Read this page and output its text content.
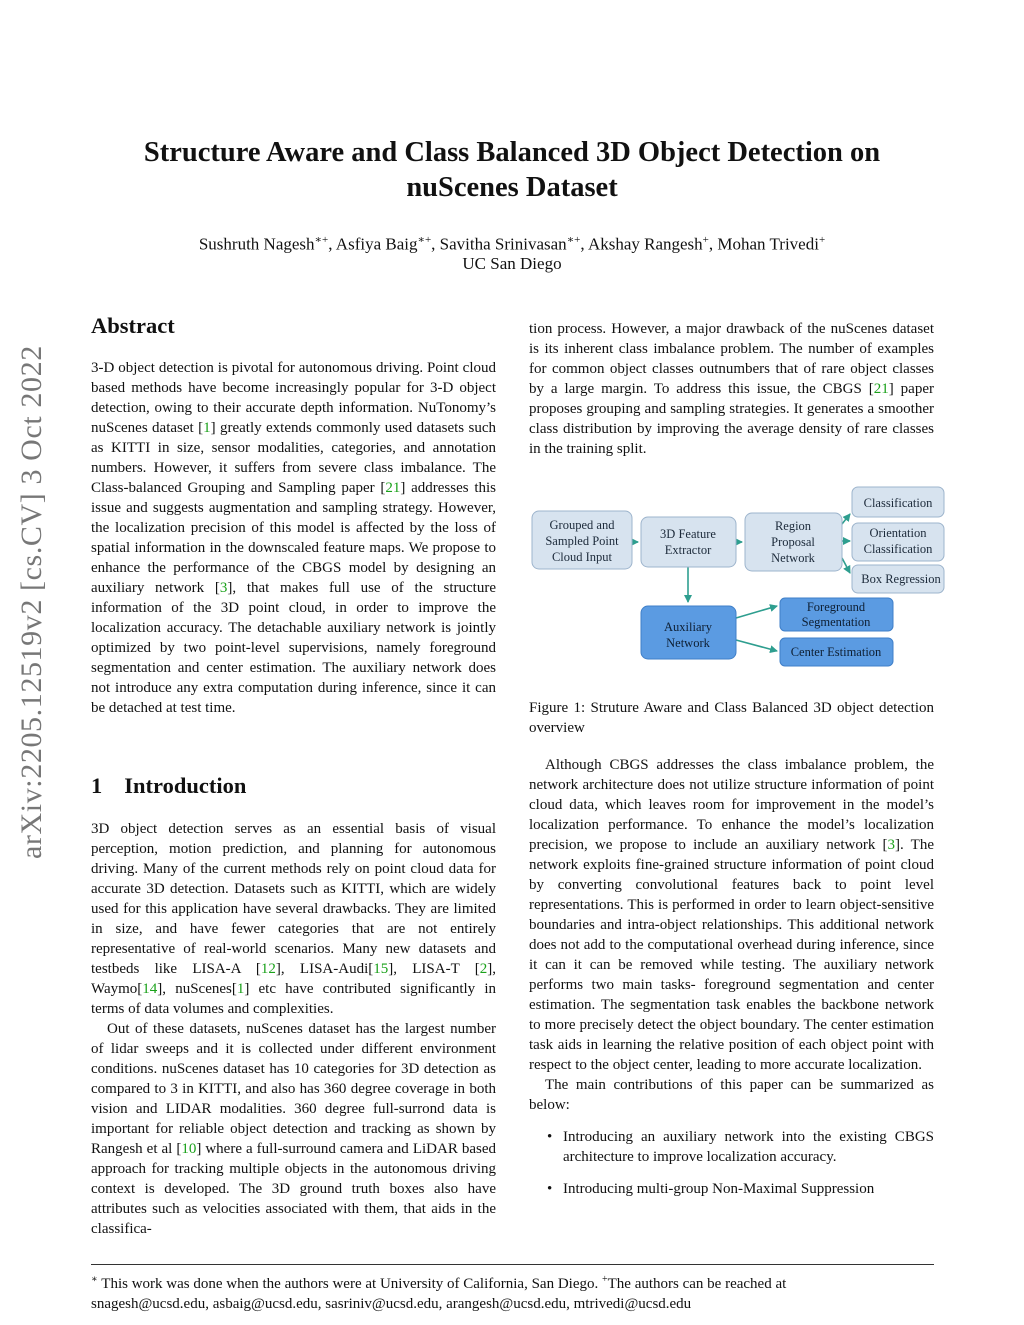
arXiv:2205.12519v2 [cs.CV] 3 Oct 2022
Structure Aware and Class Balanced 3D Object Detection on
nuScenes Dataset
Sushruth Nagesh∗+, Asfiya Baig∗+, Savitha Srinivasan∗+, Akshay Rangesh+, Mohan Trivedi+
UC San Diego
Abstract

3-D object detection is pivotal for autonomous driving. Point cloud based methods have become increasingly popular for 3-D object detection, owing to their accurate depth information. NuTonomy’s nuScenes dataset [1] greatly extends commonly used datasets such as KITTI in size, sensor modalities, categories, and annotation numbers. However, it suffers from severe class imbalance. The Class-balanced Grouping and Sampling paper [21] addresses this issue and suggests augmentation and sampling strategy. However, the localization precision of this model is affected by the loss of spatial information in the downscaled feature maps. We propose to enhance the performance of the CBGS model by designing an auxiliary network [3], that makes full use of the structure information of the 3D point cloud, in order to improve the localization accuracy. The detachable auxiliary network is jointly optimized by two point-level supervisions, namely foreground segmentation and center estimation. The auxiliary network does not introduce any extra computation during inference, since it can be detached at test time.

1 Introduction

3D object detection serves as an essential basis of visual perception, motion prediction, and planning for autonomous driving. Many of the current methods rely on point cloud data for accurate 3D detection. Datasets such as KITTI, which are widely used for this application have several drawbacks. They are limited in size, and have fewer categories that are not entirely representative of real-world scenarios. Many new datasets and testbeds like LISA-A [12], LISA-Audi[15], LISA-T [2], Waymo[14], nuScenes[1] etc have contributed significantly in terms of data volumes and complexities.

Out of these datasets, nuScenes dataset has the largest number of lidar sweeps and it is collected under different environment conditions. nuScenes dataset has 10 categories for 3D detection as compared to 3 in KITTI, and also has 360 degree coverage in both vision and LIDAR modalities. 360 degree full-surrond data is important for reliable object detection and tracking as shown by Rangesh et al [10] where a full-surround camera and LiDAR based approach for tracking multiple objects in the autonomous driving context is developed. The 3D ground truth boxes also have attributes such as velocities associated with them, that aids in the classifica-

tion process. However, a major drawback of the nuScenes dataset is its inherent class imbalance problem. The number of examples for common object classes outnumbers that of rare object classes by a large margin. To address this issue, the CBGS [21] paper proposes grouping and sampling strategies. It generates a smoother class distribution by improving the average density of rare classes in the training split.

Grouped and
Sampled Point
Cloud Input
3D Feature
Extractor
Region
Proposal
Network
Classification
Orientation
Classification
Box Regression
Auxiliary
Network
Foreground
Segmentation
Center Estimation
Figure 1: Struture Aware and Class Balanced 3D object detection overview

Although CBGS addresses the class imbalance problem, the network architecture does not utilize structure information of point cloud data, which leaves room for improvement in the model’s localization performance. To enhance the model’s localization precision, we propose to include an auxiliary network [3]. The network exploits fine-grained structure information of point cloud by converting convolutional features back to point level representations. This is performed in order to learn object-sensitive boundaries and intra-object relationships. This additional network does not add to the computational overhead during inference, since it can it can be removed while testing. The auxiliary network performs two main tasks- foreground segmentation and center estimation. The segmentation task enables the backbone network to more precisely detect the object boundary. The center estimation task aids in learning the relative position of each object point with respect to the object center, leading to more accurate localization.

The main contributions of this paper can be summarized as below:

• Introducing an auxiliary network into the existing CBGS architecture to improve localization accuracy.
• Introducing multi-group Non-Maximal Suppression
∗ This work was done when the authors were at University of California, San Diego. +The authors can be reached at
snagesh@ucsd.edu, asbaig@ucsd.edu, sasriniv@ucsd.edu, arangesh@ucsd.edu, mtrivedi@ucsd.edu
